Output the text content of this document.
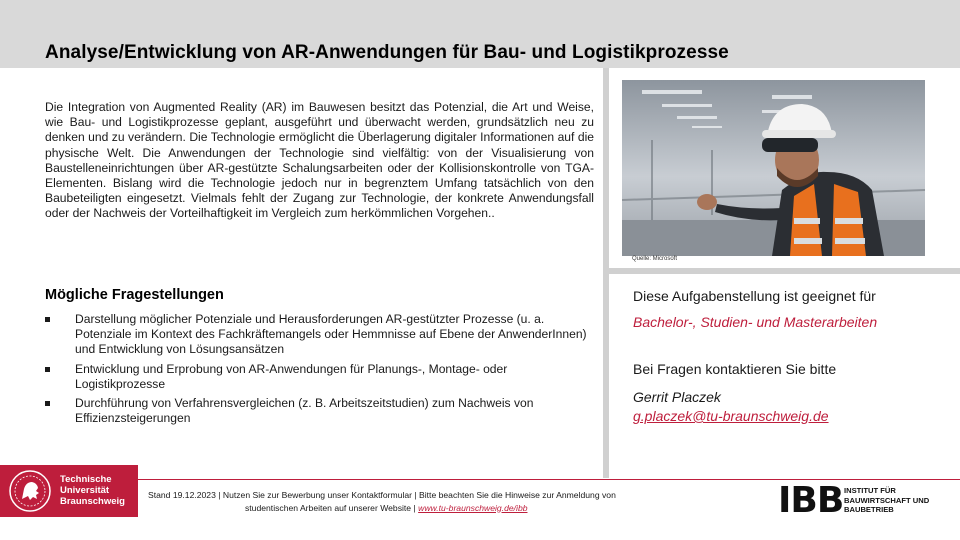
Analyse/Entwicklung von AR-Anwendungen für Bau- und Logistikprozesse

Die Integration von Augmented Reality (AR) im Bauwesen besitzt das Potenzial, die Art und Weise, wie Bau- und Logistikprozesse geplant, ausgeführt und überwacht werden, grundsätzlich neu zu denken und zu verändern. Die Technologie ermöglicht die Überlagerung digitaler Informationen auf die physische Welt. Die Anwendungen der Technologie sind vielfältig: von der Visualisierung von Baustelleneinrichtungen über AR-gestützte Schalungsarbeiten oder der Kollisionskontrolle von TGA-Elementen. Bislang wird die Technologie jedoch nur in begrenztem Umfang tatsächlich von den Baubeteiligten eingesetzt. Vielmals fehlt der Zugang zur Technologie, der konkrete Anwendungsfall oder der Nachweis der Vorteilhaftigkeit im Vergleich zum herkömmlichen Vorgehen..

Mögliche Fragestellungen
Darstellung möglicher Potenziale und Herausforderungen AR-gestützter Prozesse (u. a. Potenziale im Kontext des Fachkräftemangels oder Hemmnisse auf Ebene der AnwenderInnen) und Entwicklung von Lösungsansätzen
Entwicklung und Erprobung von AR-Anwendungen für Planungs-, Montage- oder Logistikprozesse
Durchführung von Verfahrensvergleichen (z. B. Arbeitszeitstudien) zum Nachweis von Effizienzsteigerungen
Quelle: Microsoft
Diese Aufgabenstellung ist geeignet für
Bachelor-, Studien- und Masterarbeiten
Bei Fragen kontaktieren Sie bitte
Gerrit Placzek
g.placzek@tu-braunschweig.de
Technische
Universität
Braunschweig
Stand 19.12.2023 | Nutzen Sie zur Bewerbung unser Kontaktformular | Bitte beachten Sie die Hinweise zur Anmeldung von
studentischen Arbeiten auf unserer Website | www.tu-braunschweig.de/ibb	IBB INSTITUT FÜR
BAUWIRTSCHAFT UND
BAUBETRIEB
